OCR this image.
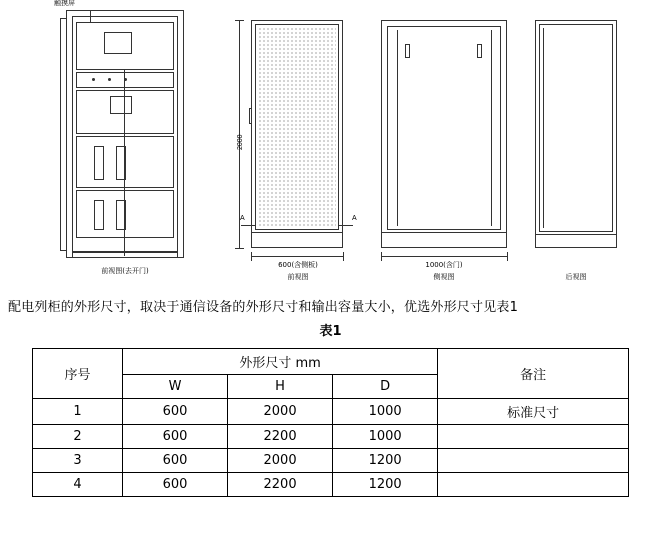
触摸屏
前视图(去开门)
2000
A	A
600(含侧板)
前视图
1000(含门)
侧视图	后视图
配电列柜的外形尺寸，取决于通信设备的外形尺寸和输出容量大小，优选外形尺寸见表1
表1
序号	外形尺寸 mm			备注
	W	H	D	
1	600	2000	1000	标准尺寸
2	600	2200	1000	
3	600	2000	1200	
4	600	2200	1200	
